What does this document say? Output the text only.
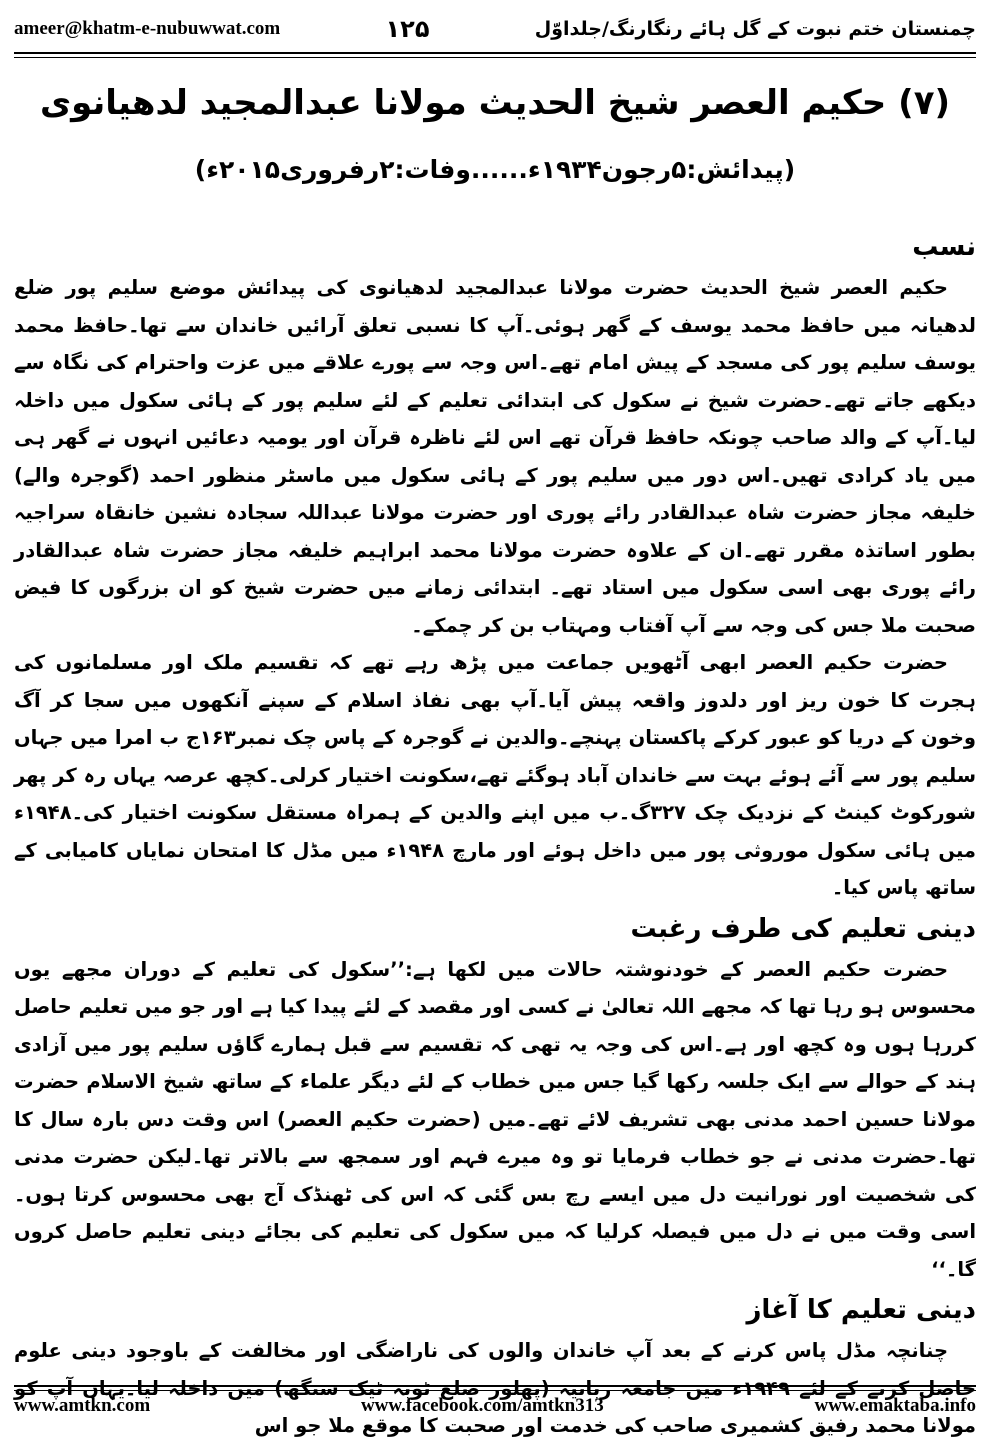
ameer@khatm-e-nubuwwat.com	۱۲۵	چمنستان ختم نبوت کے گل ہائے رنگارنگ/جلداوّل
(۷) حکیم العصر شیخ الحدیث مولانا عبدالمجید لدھیانوی
(پیدائش:۵رجون۱۹۳۴ء......وفات:۲رفروری۲۰۱۵ء)
نسب

حکیم العصر شیخ الحدیث حضرت مولانا عبدالمجید لدھیانوی کی پیدائش موضع سلیم پور ضلع لدھیانہ میں حافظ محمد یوسف کے گھر ہوئی۔آپ کا نسبی تعلق آرائیں خاندان سے تھا۔حافظ محمد یوسف سلیم پور کی مسجد کے پیش امام تھے۔اس وجہ سے پورے علاقے میں عزت واحترام کی نگاہ سے دیکھے جاتے تھے۔حضرت شیخ نے سکول کی ابتدائی تعلیم کے لئے سلیم پور کے ہائی سکول میں داخلہ لیا۔آپ کے والد صاحب چونکہ حافظ قرآن تھے اس لئے ناظرہ قرآن اور یومیہ دعائیں انہوں نے گھر ہی میں یاد کرادی تھیں۔اس دور میں سلیم پور کے ہائی سکول میں ماسٹر منظور احمد (گوجرہ والے) خلیفہ مجاز حضرت شاہ عبدالقادر رائے پوری اور حضرت مولانا عبداللہ سجادہ نشین خانقاہ سراجیہ بطور اساتذہ مقرر تھے۔ان کے علاوہ حضرت مولانا محمد ابراہیم خلیفہ مجاز حضرت شاہ عبدالقادر رائے پوری بھی اسی سکول میں استاد تھے۔ ابتدائی زمانے میں حضرت شیخ کو ان بزرگوں کا فیض صحبت ملا جس کی وجہ سے آپ آفتاب ومہتاب بن کر چمکے۔

حضرت حکیم العصر ابھی آٹھویں جماعت میں پڑھ رہے تھے کہ تقسیم ملک اور مسلمانوں کی ہجرت کا خون ریز اور دلدوز واقعہ پیش آیا۔آپ بھی نفاذ اسلام کے سپنے آنکھوں میں سجا کر آگ وخون کے دریا کو عبور کرکے پاکستان پہنچے۔والدین نے گوجرہ کے پاس چک نمبر۱۶۳ج ب امرا میں جہاں سلیم پور سے آئے ہوئے بہت سے خاندان آباد ہوگئے تھے،سکونت اختیار کرلی۔کچھ عرصہ یہاں رہ کر پھر شورکوٹ کینٹ کے نزدیک چک ۳۲۷گ۔ب میں اپنے والدین کے ہمراہ مستقل سکونت اختیار کی۔۱۹۴۸ء میں ہائی سکول موروثی پور میں داخل ہوئے اور مارچ ۱۹۴۸ء میں مڈل کا امتحان نمایاں کامیابی کے ساتھ پاس کیا۔

دینی تعلیم کی طرف رغبت

حضرت حکیم العصر کے خودنوشتہ حالات میں لکھا ہے:’’سکول کی تعلیم کے دوران مجھے یوں محسوس ہو رہا تھا کہ مجھے اللہ تعالیٰ نے کسی اور مقصد کے لئے پیدا کیا ہے اور جو میں تعلیم حاصل کررہا ہوں وہ کچھ اور ہے۔اس کی وجہ یہ تھی کہ تقسیم سے قبل ہمارے گاؤں سلیم پور میں آزادی ہند کے حوالے سے ایک جلسہ رکھا گیا جس میں خطاب کے لئے دیگر علماء کے ساتھ شیخ الاسلام حضرت مولانا حسین احمد مدنی بھی تشریف لائے تھے۔میں (حضرت حکیم العصر) اس وقت دس بارہ سال کا تھا۔حضرت مدنی نے جو خطاب فرمایا تو وہ میرے فہم اور سمجھ سے بالاتر تھا۔لیکن حضرت مدنی کی شخصیت اور نورانیت دل میں ایسے رچ بس گئی کہ اس کی ٹھنڈک آج بھی محسوس کرتا ہوں۔ اسی وقت میں نے دل میں فیصلہ کرلیا کہ میں سکول کی تعلیم کی بجائے دینی تعلیم حاصل کروں گا۔‘‘

دینی تعلیم کا آغاز

چنانچہ مڈل پاس کرنے کے بعد آپ خاندان والوں کی ناراضگی اور مخالفت کے باوجود دینی علوم حاصل کرنے کے لئے ۱۹۴۹ء میں جامعہ ربانیہ (پھلور ضلع ٹوبہ ٹیک سنگھ) میں داخلہ لیا۔یہاں آپ کو مولانا محمد رفیق کشمیری صاحب کی خدمت اور صحبت کا موقع ملا جو اس

www.amtkn.com	www.facebook.com/amtkn313	www.emaktaba.info
